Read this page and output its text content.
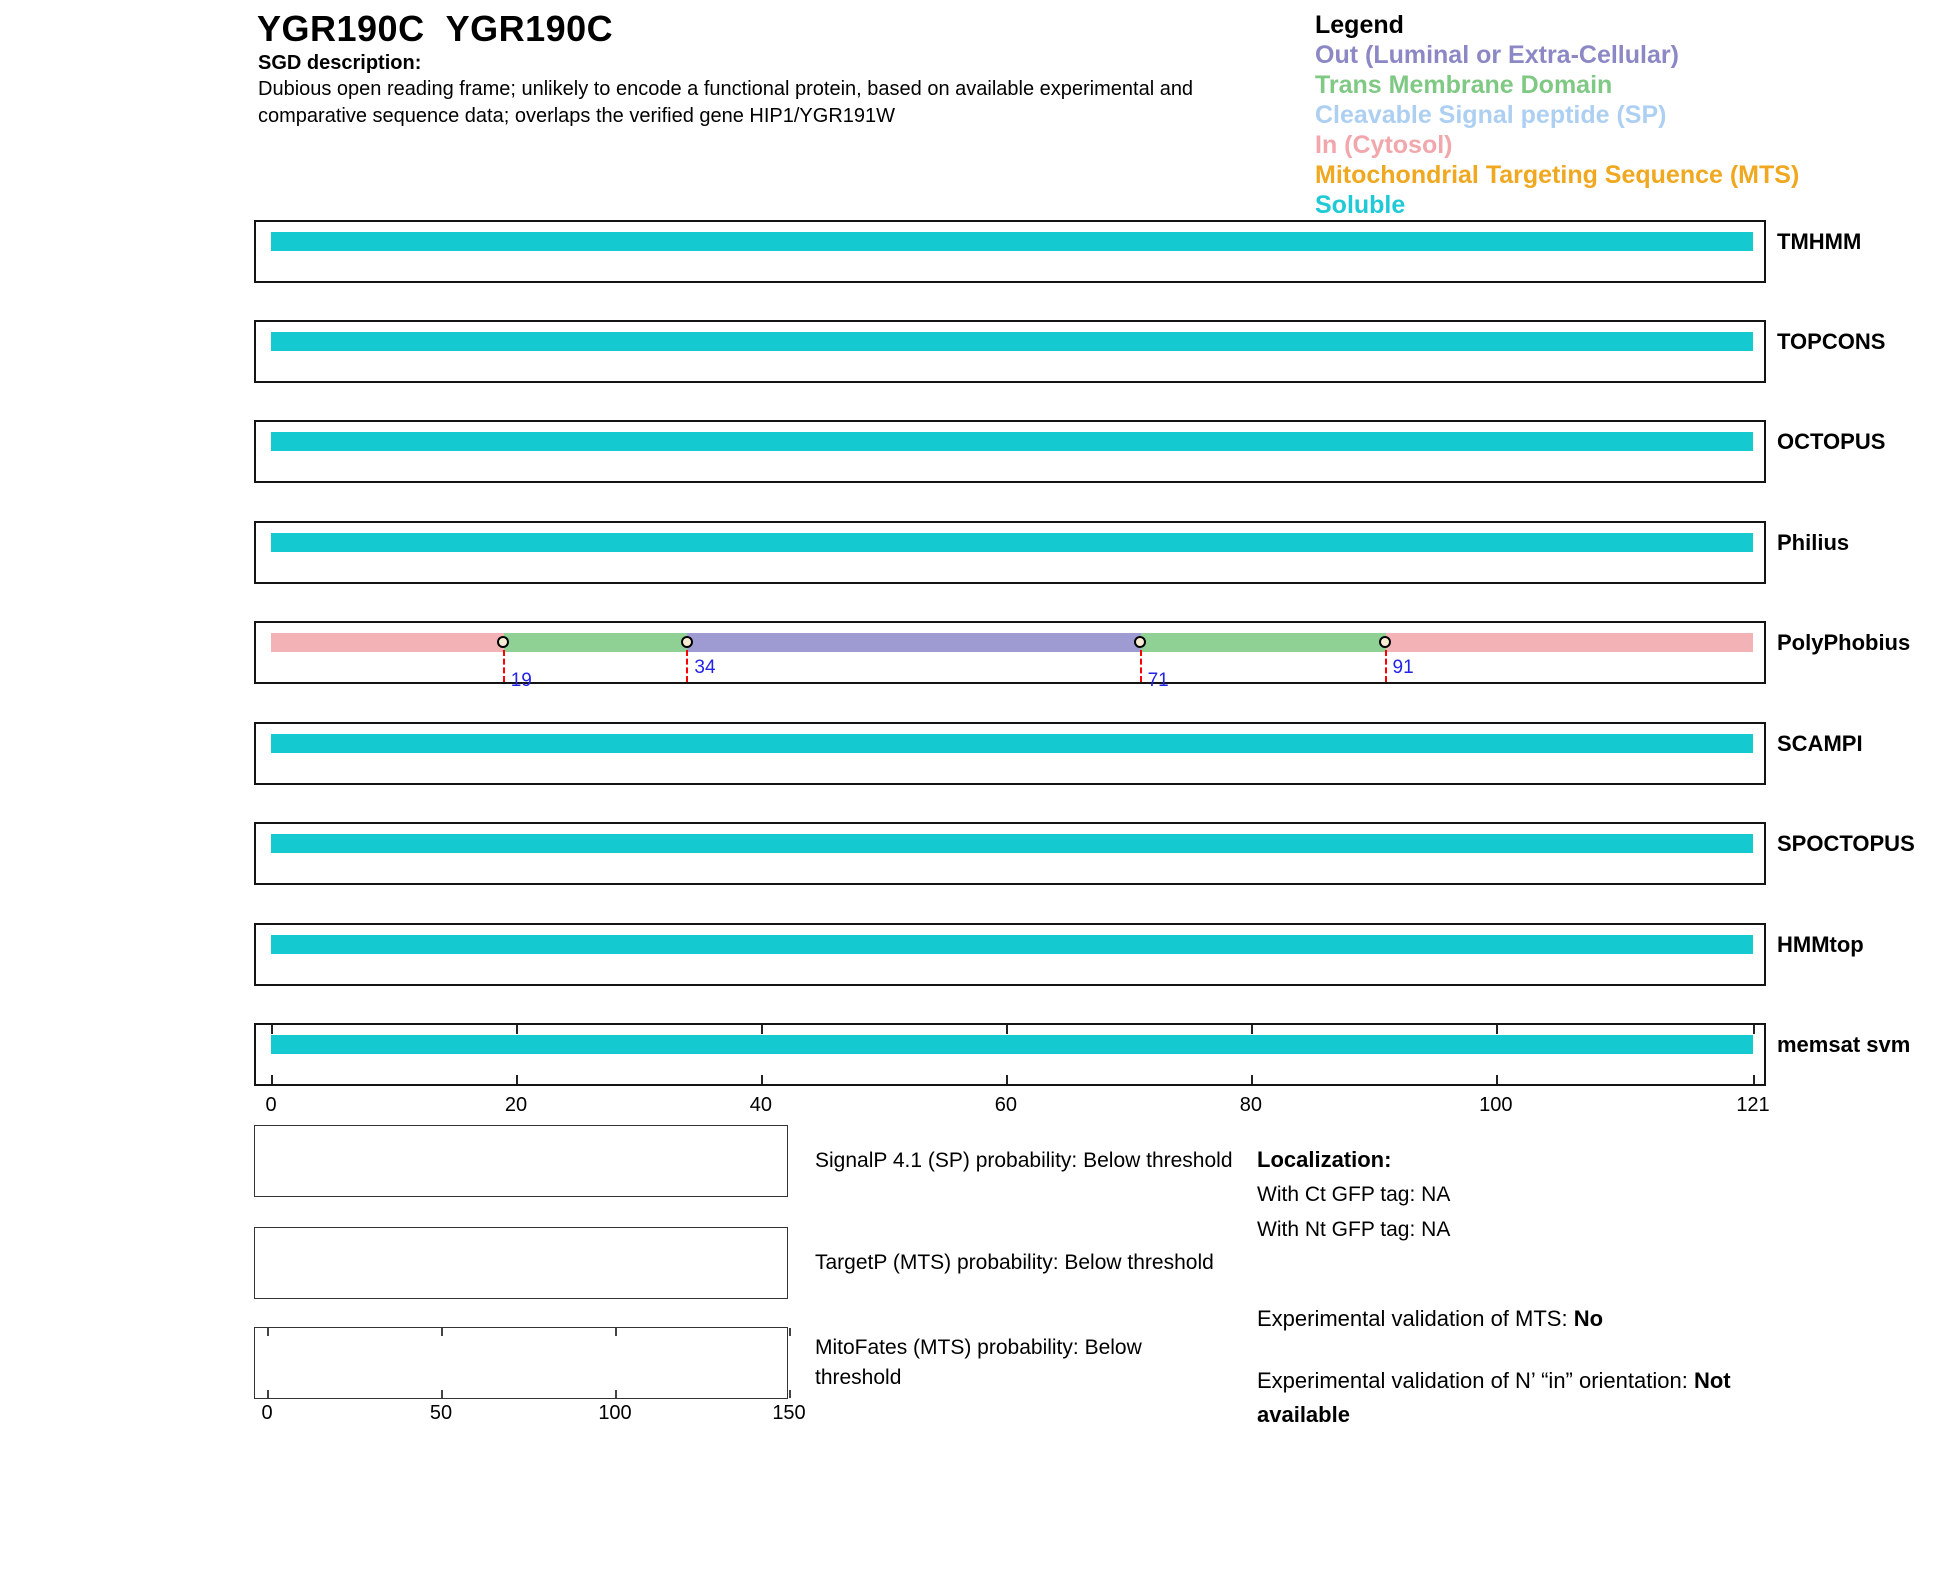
YGR190C YGR190C
SGD description:
Dubious open reading frame; unlikely to encode a functional protein, based on available experimental and comparative sequence data; overlaps the verified gene HIP1/YGR191W
Legend
Out (Luminal or Extra-Cellular)
Trans Membrane Domain
Cleavable Signal peptide (SP)
In (Cytosol)
Mitochondrial Targeting Sequence (MTS)
Soluble
TMHMM
TOPCONS
OCTOPUS
Philius
19
34
71
91
PolyPhobius
SCAMPI
SPOCTOPUS
HMMtop
memsat svm
0	20	40	60	80	100	121
SignalP 4.1 (SP) probability: Below threshold
TargetP (MTS) probability: Below threshold
MitoFates (MTS) probability: Below threshold
0	50	100	150
Localization:
With Ct GFP tag: NA
With Nt GFP tag: NA
Experimental validation of MTS: No
Experimental validation of N’ “in” orientation: Not available
